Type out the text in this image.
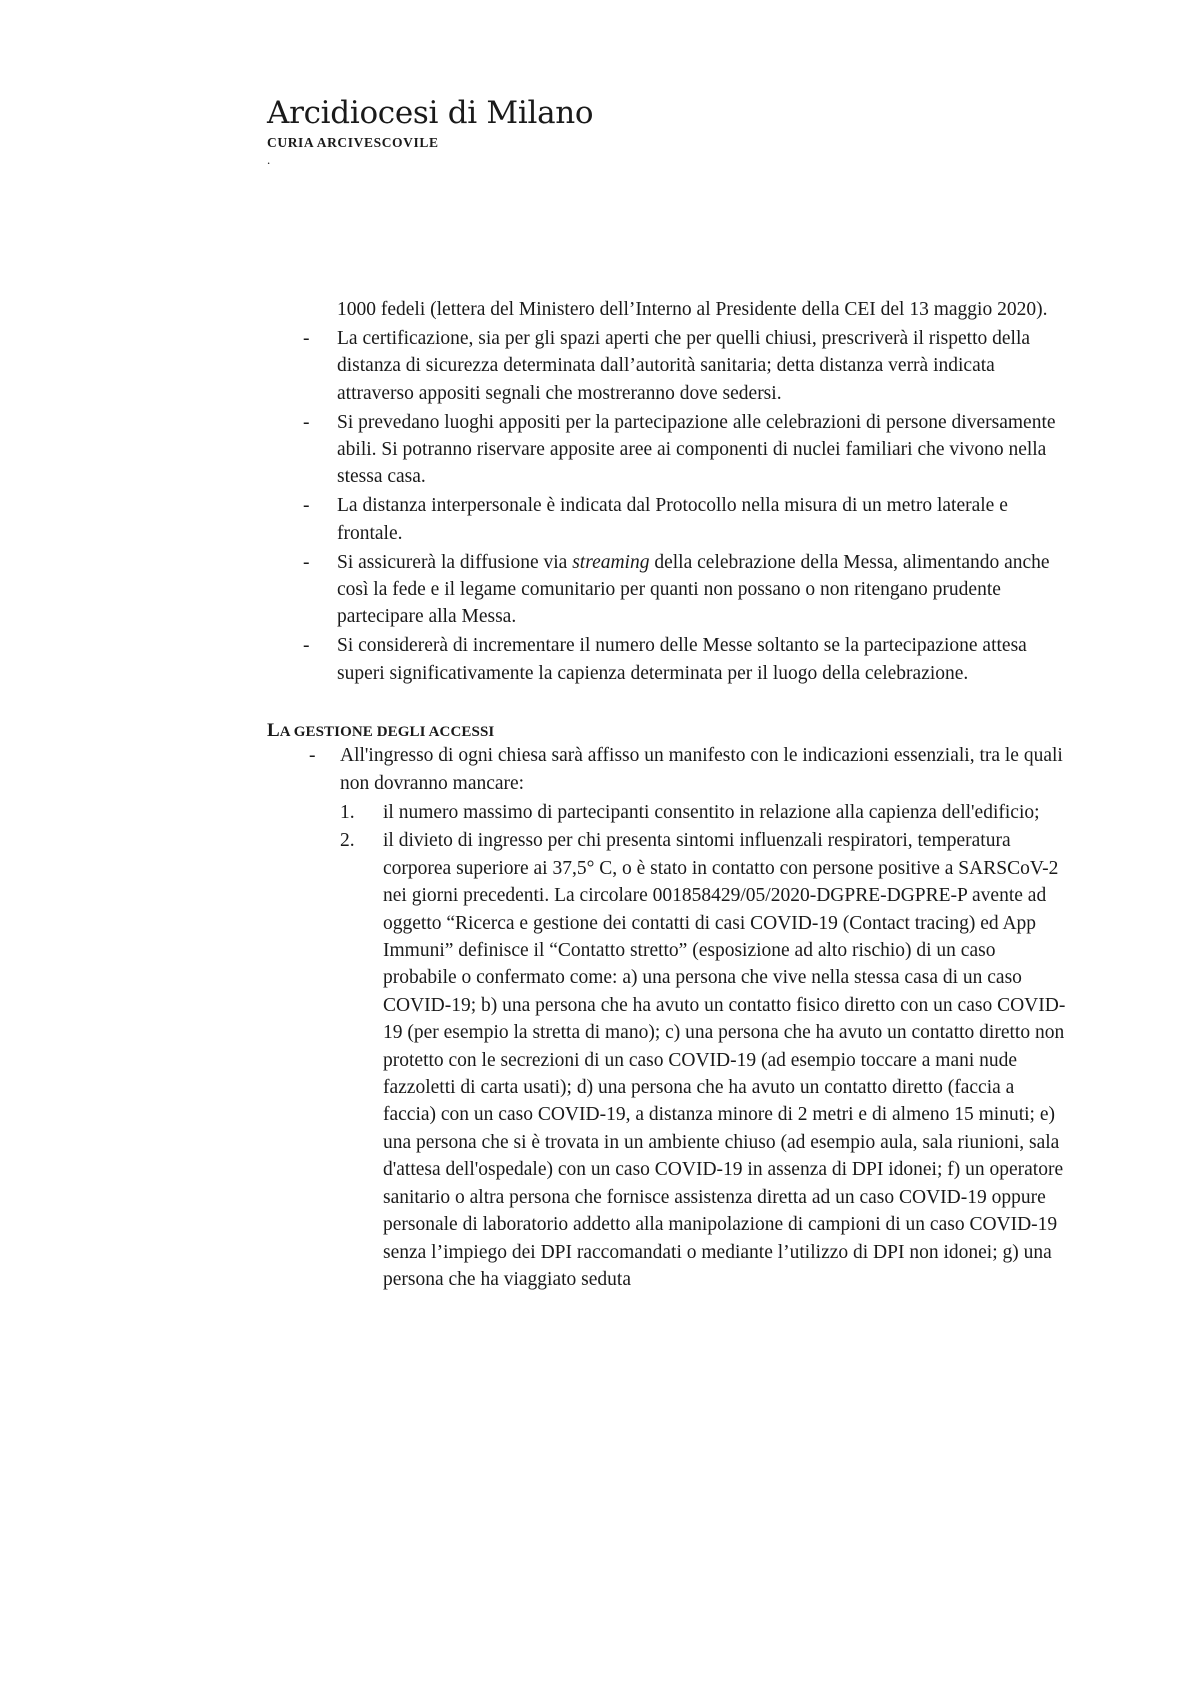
Arcidiocesi di Milano
CURIA ARCIVESCOVILE
.

1000 fedeli (lettera del Ministero dell’Interno al Presidente della CEI del 13 maggio 2020).

- La certificazione, sia per gli spazi aperti che per quelli chiusi, prescriverà il rispetto della distanza di sicurezza determinata dall’autorità sanitaria; detta distanza verrà indicata attraverso appositi segnali che mostreranno dove sedersi.
- Si prevedano luoghi appositi per la partecipazione alle celebrazioni di persone diversamente abili. Si potranno riservare apposite aree ai componenti di nuclei familiari che vivono nella stessa casa.
- La distanza interpersonale è indicata dal Protocollo nella misura di un metro laterale e frontale.
- Si assicurerà la diffusione via streaming della celebrazione della Messa, alimentando anche così la fede e il legame comunitario per quanti non possano o non ritengano prudente partecipare alla Messa.
- Si considererà di incrementare il numero delle Messe soltanto se la partecipazione attesa superi significativamente la capienza determinata per il luogo della celebrazione.
LA GESTIONE DEGLI ACCESSI
- All'ingresso di ogni chiesa sarà affisso un manifesto con le indicazioni essenziali, tra le quali non dovranno mancare:
1. il numero massimo di partecipanti consentito in relazione alla capienza dell'edificio;
2. il divieto di ingresso per chi presenta sintomi influenzali respiratori, temperatura corporea superiore ai 37,5° C, o è stato in contatto con persone positive a SARSCoV-2 nei giorni precedenti. La circolare 001858429/05/2020-DGPRE-DGPRE-P avente ad oggetto “Ricerca e gestione dei contatti di casi COVID-19 (Contact tracing) ed App Immuni” definisce il “Contatto stretto” (esposizione ad alto rischio) di un caso probabile o confermato come: a) una persona che vive nella stessa casa di un caso COVID-19; b) una persona che ha avuto un contatto fisico diretto con un caso COVID-19 (per esempio la stretta di mano); c) una persona che ha avuto un contatto diretto non protetto con le secrezioni di un caso COVID-19 (ad esempio toccare a mani nude fazzoletti di carta usati); d) una persona che ha avuto un contatto diretto (faccia a faccia) con un caso COVID-19, a distanza minore di 2 metri e di almeno 15 minuti; e) una persona che si è trovata in un ambiente chiuso (ad esempio aula, sala riunioni, sala d'attesa dell'ospedale) con un caso COVID-19 in assenza di DPI idonei; f) un operatore sanitario o altra persona che fornisce assistenza diretta ad un caso COVID-19 oppure personale di laboratorio addetto alla manipolazione di campioni di un caso COVID-19 senza l’impiego dei DPI raccomandati o mediante l’utilizzo di DPI non idonei; g) una persona che ha viaggiato seduta
